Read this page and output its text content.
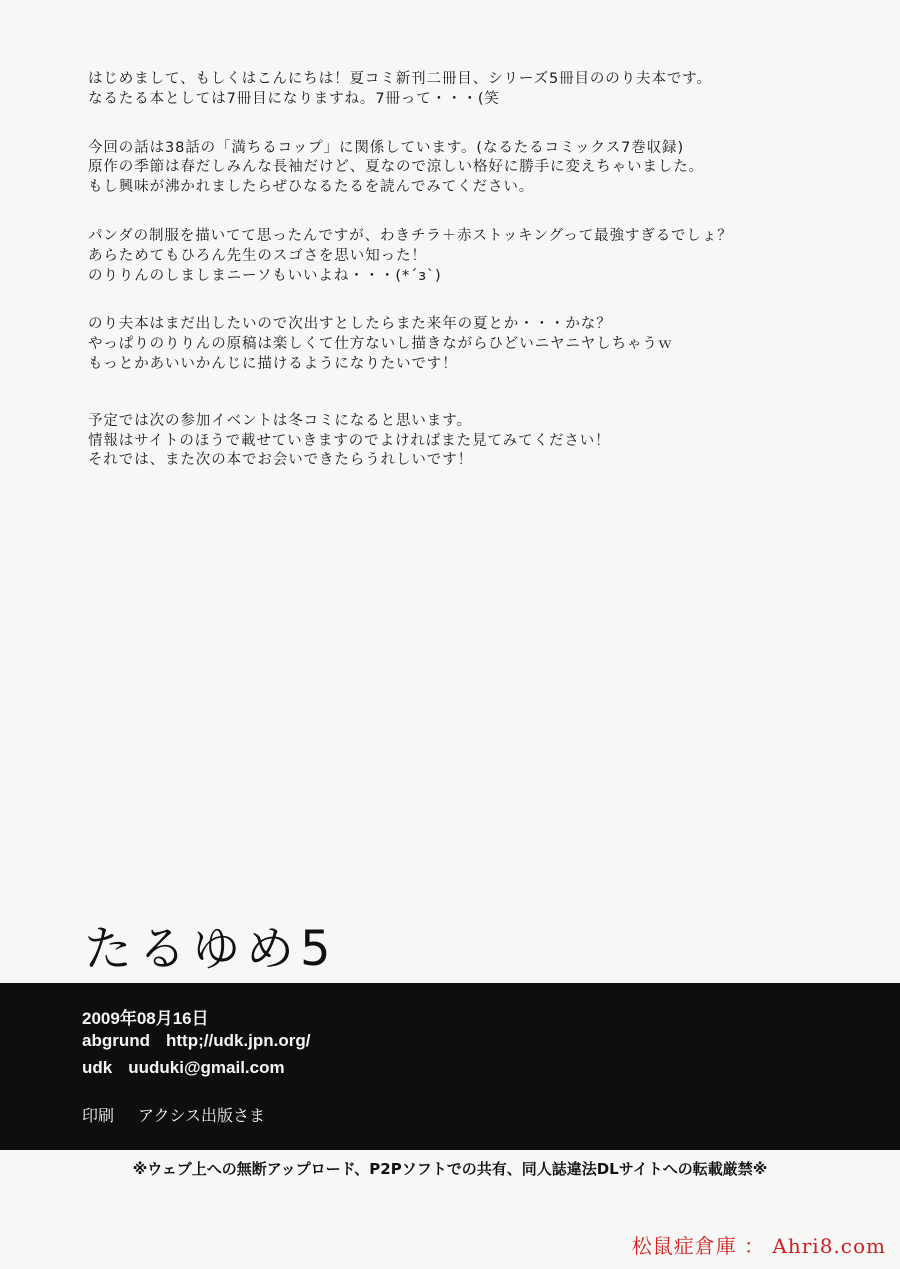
はじめまして、もしくはこんにちは！夏コミ新刊二冊目、シリーズ5冊目ののり夫本です。
なるたる本としては7冊目になりますね。7冊って・・・(笑
今回の話は38話の「満ちるコップ」に関係しています。(なるたるコミックス7巻収録)
原作の季節は春だしみんな長袖だけど、夏なので涼しい格好に勝手に変えちゃいました。
もし興味が沸かれましたらぜひなるたるを読んでみてください。
パンダの制服を描いてて思ったんですが、わきチラ＋赤ストッキングって最強すぎるでしょ？
あらためてもひろん先生のスゴさを思い知った！
のりりんのしましまニーソもいいよね・・・(*´з`)
のり夫本はまだ出したいので次出すとしたらまた来年の夏とか・・・かな？
やっぱりのりりんの原稿は楽しくて仕方ないし描きながらひどいニヤニヤしちゃうｗ
もっとかあいいかんじに描けるようになりたいです！
予定では次の参加イベントは冬コミになると思います。
情報はサイトのほうで載せていきますのでよければまた見てみてください！
それでは、また次の本でお会いできたらうれしいです！
たるゆめ5
2009年08月16日
abgrund http;//udk.jpn.org/
udk uuduki@gmail.com
印刷 アクシス出版さま
※ウェブ上への無断アップロード、P2Pソフトでの共有、同人誌違法DLサイトへの転載厳禁※
松鼠症倉庫 ： Ahri8.com
